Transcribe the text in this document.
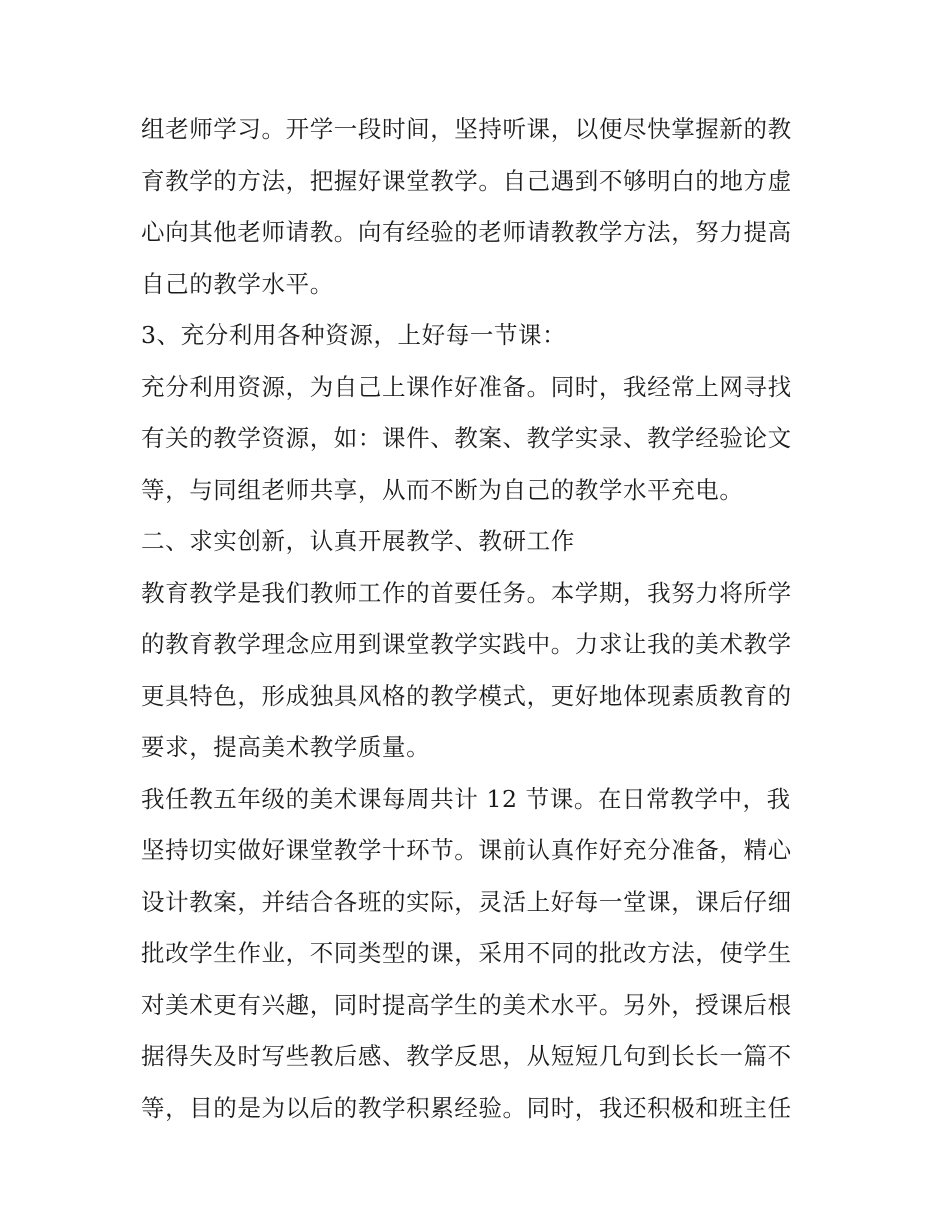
组老师学习。开学一段时间，坚持听课，以便尽快掌握新的教
育教学的方法，把握好课堂教学。自己遇到不够明白的地方虚
心向其他老师请教。向有经验的老师请教教学方法，努力提高
自己的教学水平。
3、充分利用各种资源，上好每一节课：
充分利用资源，为自己上课作好准备。同时，我经常上网寻找
有关的教学资源，如：课件、教案、教学实录、教学经验论文
等，与同组老师共享，从而不断为自己的教学水平充电。
二、求实创新，认真开展教学、教研工作
教育教学是我们教师工作的首要任务。本学期，我努力将所学
的教育教学理念应用到课堂教学实践中。力求让我的美术教学
更具特色，形成独具风格的教学模式，更好地体现素质教育的
要求，提高美术教学质量。
我任教五年级的美术课每周共计 12 节课。在日常教学中，我
坚持切实做好课堂教学十环节。课前认真作好充分准备，精心
设计教案，并结合各班的实际，灵活上好每一堂课，课后仔细
批改学生作业，不同类型的课，采用不同的批改方法，使学生
对美术更有兴趣，同时提高学生的美术水平。另外，授课后根
据得失及时写些教后感、教学反思，从短短几句到长长一篇不
等，目的是为以后的教学积累经验。同时，我还积极和班主任
